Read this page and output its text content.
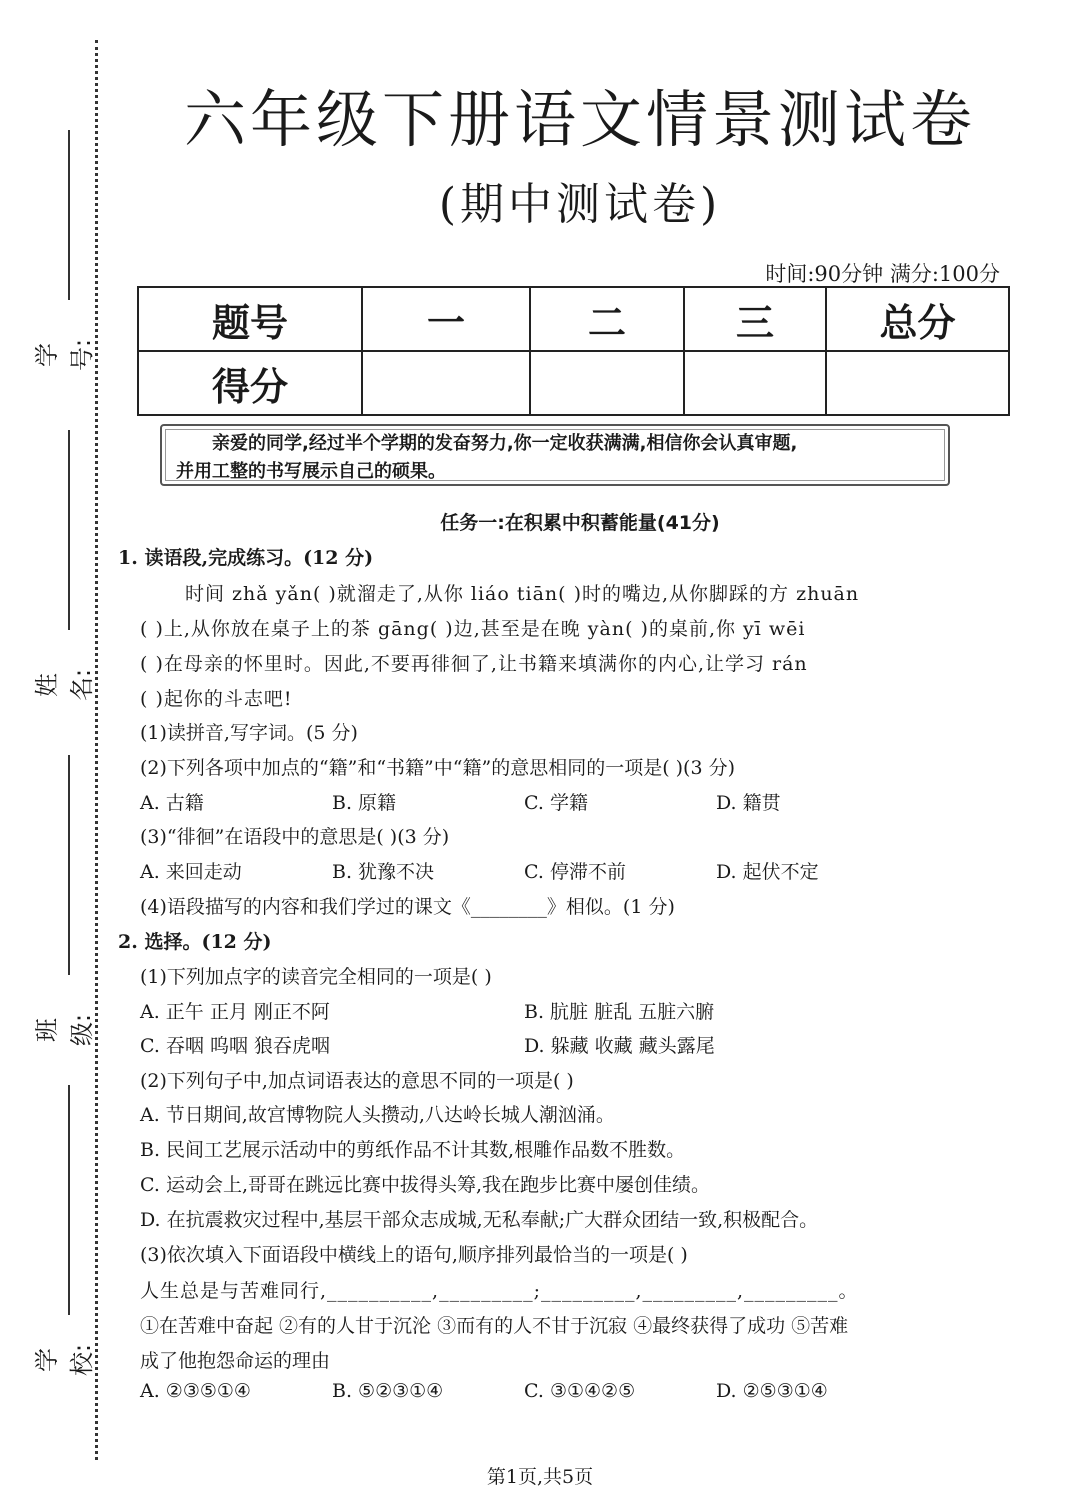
学号:
姓名:
班级:
学校:
六年级下册语文情景测试卷
(期中测试卷)
时间:90分钟 满分:100分
题号	一	二	三	总分
得分				
亲爱的同学,经过半个学期的发奋努力,你一定收获满满,相信你会认真审题,
并用工整的书写展示自己的硕果。
任务一:在积累中积蓄能量(41分)
1. 读语段,完成练习。(12 分)
时间 zhǎ yǎn( )就溜走了,从你 liáo tiān( )时的嘴边,从你脚踩的方 zhuān
( )上,从你放在桌子上的茶 gāng( )边,甚至是在晚 yàn( )的桌前,你 yī wēi
( )在母亲的怀里时。因此,不要再徘徊了,让书籍来填满你的内心,让学习 rán
( )起你的斗志吧!
(1)读拼音,写字词。(5 分)
(2)下列各项中加点的“籍”和“书籍”中“籍”的意思相同的一项是( )(3 分)
A. 古籍	B. 原籍	C. 学籍	D. 籍贯
(3)“徘徊”在语段中的意思是( )(3 分)
A. 来回走动	B. 犹豫不决	C. 停滞不前	D. 起伏不定
(4)语段描写的内容和我们学过的课文《________》相似。(1 分)
2. 选择。(12 分)
(1)下列加点字的读音完全相同的一项是( )
A. 正午 正月 刚正不阿	B. 肮脏 脏乱 五脏六腑
C. 吞咽 呜咽 狼吞虎咽	D. 躲藏 收藏 藏头露尾
(2)下列句子中,加点词语表达的意思不同的一项是( )
A. 节日期间,故宫博物院人头攒动,八达岭长城人潮汹涌。
B. 民间工艺展示活动中的剪纸作品不计其数,根雕作品数不胜数。
C. 运动会上,哥哥在跳远比赛中拔得头筹,我在跑步比赛中屡创佳绩。
D. 在抗震救灾过程中,基层干部众志成城,无私奉献;广大群众团结一致,积极配合。
(3)依次填入下面语段中横线上的语句,顺序排列最恰当的一项是( )
人生总是与苦难同行,__________,_________;_________,_________,_________。
①在苦难中奋起 ②有的人甘于沉沦 ③而有的人不甘于沉寂 ④最终获得了成功 ⑤苦难
成了他抱怨命运的理由
A. ②③⑤①④	B. ⑤②③①④	C. ③①④②⑤	D. ②⑤③①④
第1页,共5页
